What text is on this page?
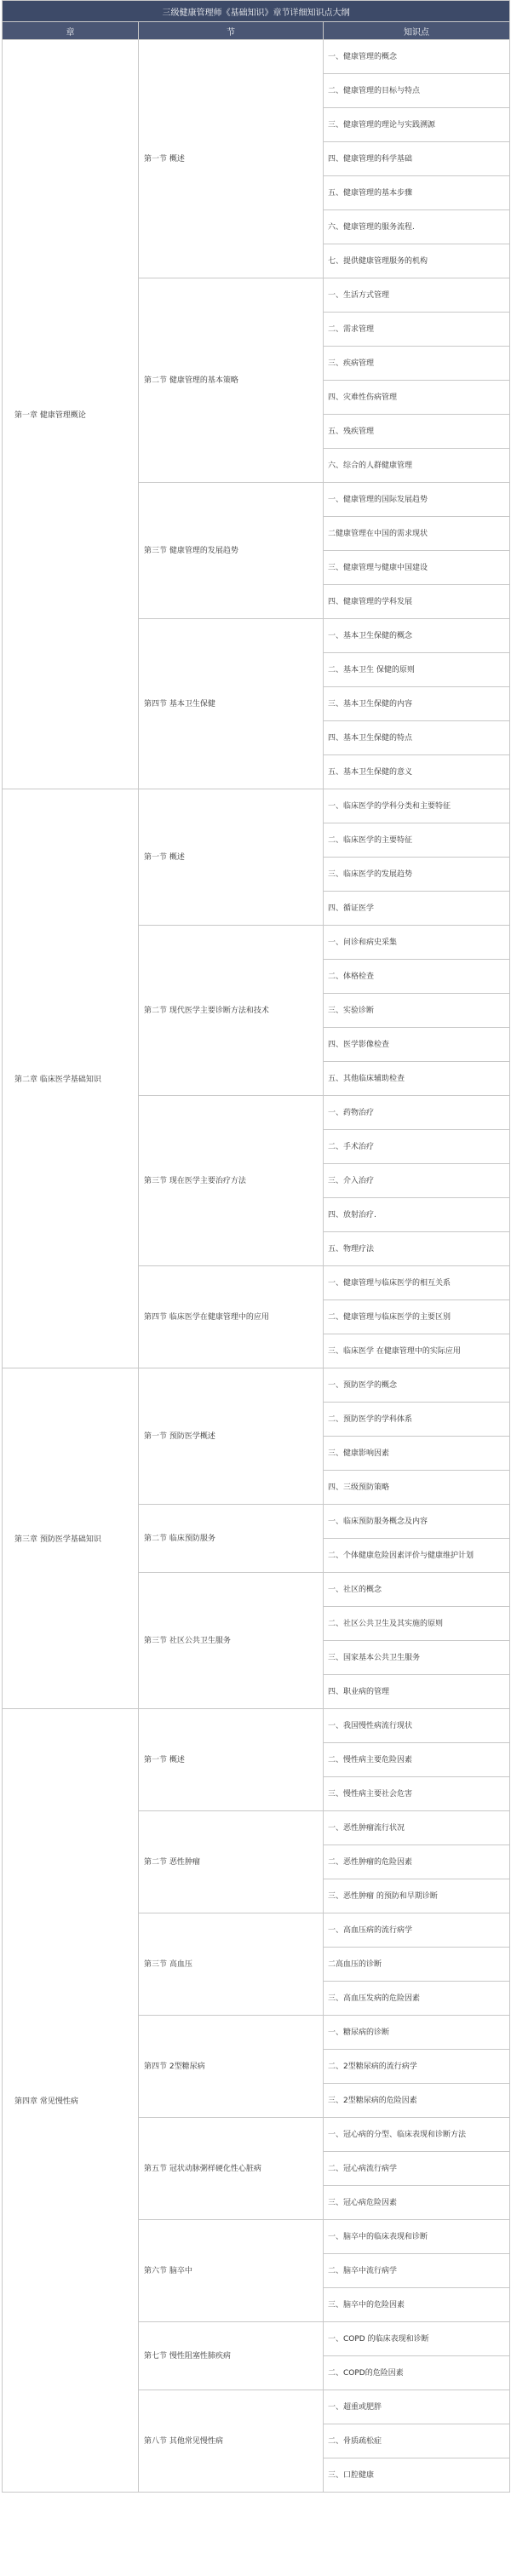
三级健康管理师《基础知识》章节详细知识点大纲		
章	节	知识点
第一章 健康管理概论	第一节 概述	一、健康管理的概念
		二、健康管理的目标与特点
		三、健康管理的理论与实践溯源
		四、健康管理的科学基础
		五、健康管理的基本步骤
		六、健康管理的服务流程.
		七、提供健康管理服务的机构
	第二节 健康管理的基本策略	一、生活方式管理
		二、需求管理
		三、疾病管理
		四、灾难性伤病管理
		五、残疾管理
		六、综合的人群健康管理
	第三节 健康管理的发展趋势	一、健康管理的国际发展趋势
		二健康管理在中国的需求现状
		三、健康管理与健康中国建设
		四、健康管理的学科发展
	第四节 基本卫生保健	一、基本卫生保健的概念
		二、基本卫生 保健的原则
		三、基本卫生保健的内容
		四、基本卫生保健的特点
		五、基本卫生保健的意义
第二章 临床医学基础知识	第一节 概述	一、临床医学的学科分类和主要特征
		二、临床医学的主要特征
		三、临床医学的发展趋势
		四、循证医学
	第二节 现代医学主要诊断方法和技术	一、问诊和病史采集
		二、体格检查
		三、实验诊断
		四、医学影像检查
		五、其他临床辅助检查
	第三节 现在医学主要治疗方法	一、药物治疗
		二、手术治疗
		三、介入治疗
		四、放射治疗.
		五、物理疗法
	第四节 临床医学在健康管理中的应用	一、健康管理与临床医学的相互关系
		二、健康管理与临床医学的主要区别
		三、临床医学 在健康管理中的实际应用
第三章 预防医学基础知识	第一节 预防医学概述	一、预防医学的概念
		二、预防医学的学科体系
		三、健康影响因素
		四、三级预防策略
	第二节 临床预防服务	一、临床预防服务概念及内容
		二、个体健康危险因素评价与健康维护计划
	第三节 社区公共卫生服务	一、社区的概念
		二、社区公共卫生及其实施的原则
		三、国家基本公共卫生服务
		四、职业病的管理
第四章 常见慢性病	第一节 概述	一、我国慢性病流行现状
		二、慢性病主要危险因素
		三、慢性病主要社会危害
	第二节 恶性肿瘤	一、恶性肿瘤流行状况
		二、恶性肿瘤的危险因素
		三、恶性肿瘤 的预防和早期诊断
	第三节 高血压	一、高血压病的流行病学
		二高血压的诊断
		三、高血压发病的危险因素
	第四节 2型糖尿病	一、糖尿病的诊断
		二、2型糖尿病的流行病学
		三、2型糖尿病的危险因素
	第五节 冠状动脉粥样硬化性心脏病	一、冠心病的分型、临床表现和诊断方法
		二、冠心病流行病学
		三、冠心病危险因素
	第六节 脑卒中	一、脑卒中的临床表现和诊断
		二、脑卒中流行病学
		三、脑卒中的危险因素
	第七节 慢性阻塞性肺疾病	一、COPD 的临床表现和诊断
		二、COPD的危险因素
	第八节 其他常见慢性病	一、超重或肥胖
		二、骨质疏松症
		三、口腔健康
